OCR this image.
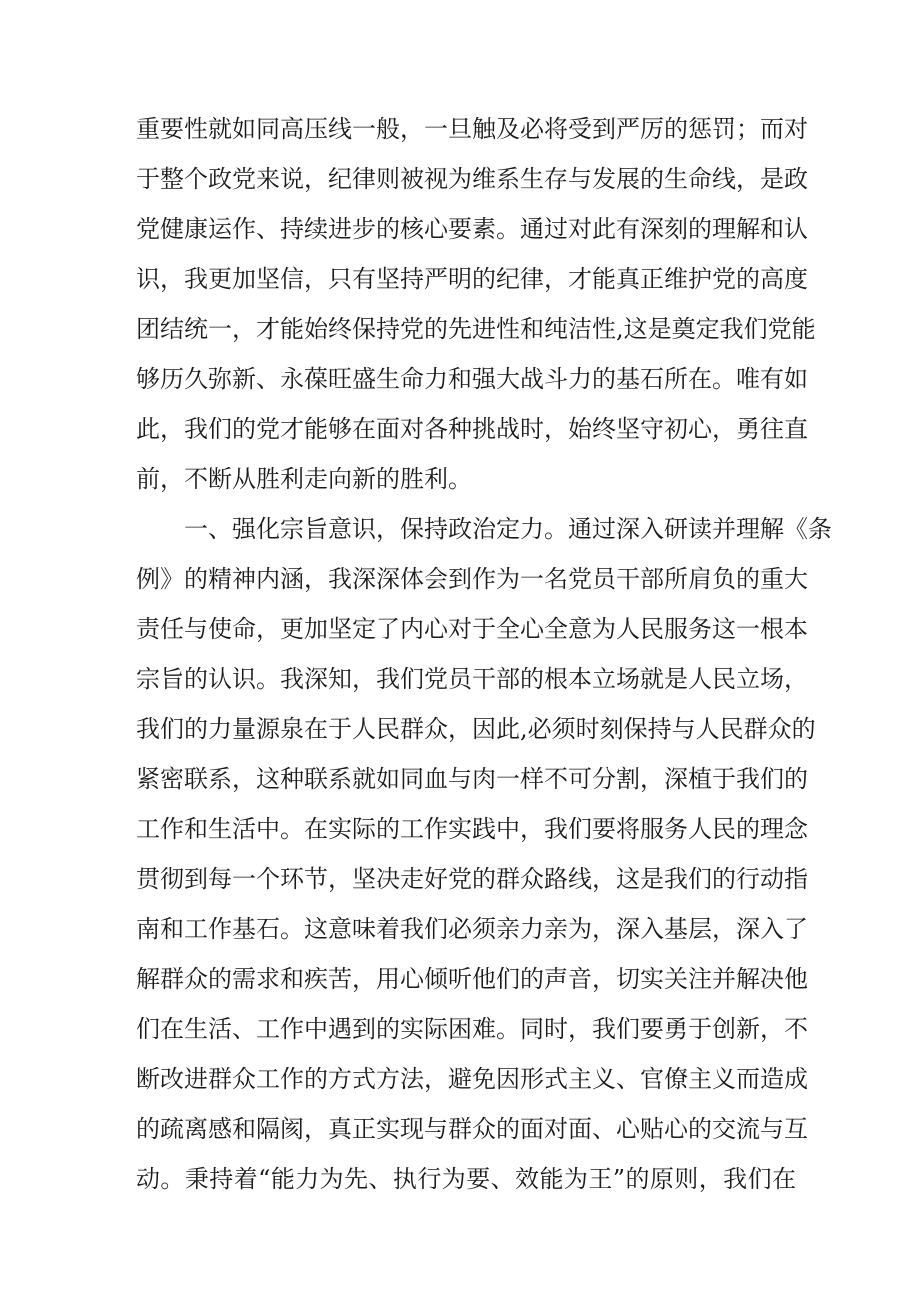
重要性就如同高压线一般，一旦触及必将受到严厉的惩罚；而对
于整个政党来说，纪律则被视为维系生存与发展的生命线，是政
党健康运作、持续进步的核心要素。通过对此有深刻的理解和认
识，我更加坚信，只有坚持严明的纪律，才能真正维护党的高度
团结统一，才能始终保持党的先进性和纯洁性,这是奠定我们党能
够历久弥新、永葆旺盛生命力和强大战斗力的基石所在。唯有如
此，我们的党才能够在面对各种挑战时，始终坚守初心，勇往直
前，不断从胜利走向新的胜利。
一、强化宗旨意识，保持政治定力。通过深入研读并理解《条
例》的精神内涵，我深深体会到作为一名党员干部所肩负的重大
责任与使命，更加坚定了内心对于全心全意为人民服务这一根本
宗旨的认识。我深知，我们党员干部的根本立场就是人民立场，
我们的力量源泉在于人民群众，因此,必须时刻保持与人民群众的
紧密联系，这种联系就如同血与肉一样不可分割，深植于我们的
工作和生活中。在实际的工作实践中，我们要将服务人民的理念
贯彻到每一个环节，坚决走好党的群众路线，这是我们的行动指
南和工作基石。这意味着我们必须亲力亲为，深入基层，深入了
解群众的需求和疾苦，用心倾听他们的声音，切实关注并解决他
们在生活、工作中遇到的实际困难。同时，我们要勇于创新，不
断改进群众工作的方式方法，避免因形式主义、官僚主义而造成
的疏离感和隔阂，真正实现与群众的面对面、心贴心的交流与互
动。秉持着“能力为先、执行为要、效能为王”的原则，我们在
